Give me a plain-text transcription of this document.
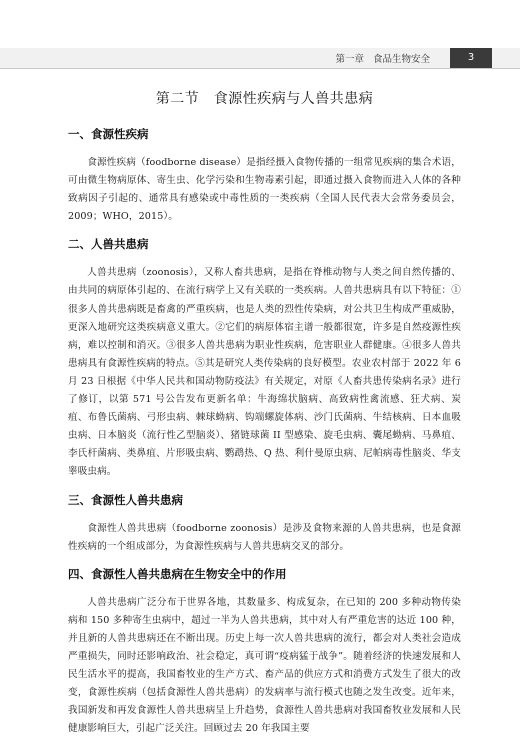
第一章 食品生物安全	3
第二节　食源性疾病与人兽共患病
一、食源性疾病

食源性疾病（foodborne disease）是指经摄入食物传播的一组常见疾病的集合术语，可由微生物病原体、寄生虫、化学污染和生物毒素引起，即通过摄入食物而进入人体的各种致病因子引起的、通常具有感染或中毒性质的一类疾病（全国人民代表大会常务委员会，2009；WHO，2015）。

二、人兽共患病

人兽共患病（zoonosis），又称人畜共患病，是指在脊椎动物与人类之间自然传播的、由共同的病原体引起的、在流行病学上又有关联的一类疾病。人兽共患病具有以下特征：①很多人兽共患病既是畜禽的严重疾病，也是人类的烈性传染病，对公共卫生构成严重威胁，更深入地研究这类疾病意义重大。②它们的病原体宿主谱一般都很宽，许多是自然疫源性疾病，难以控制和消灭。③很多人兽共患病为职业性疾病，危害职业人群健康。④很多人兽共患病具有食源性疾病的特点。⑤其是研究人类传染病的良好模型。农业农村部于 2022 年 6 月 23 日根据《中华人民共和国动物防疫法》有关规定，对原《人畜共患传染病名录》进行了修订，以第 571 号公告发布更新名单：牛海绵状脑病、高致病性禽流感、狂犬病、炭疽、布鲁氏菌病、弓形虫病、棘球蚴病、钩端螺旋体病、沙门氏菌病、牛结核病、日本血吸虫病、日本脑炎（流行性乙型脑炎）、猪链球菌 II 型感染、旋毛虫病、囊尾蚴病、马鼻疽、李氏杆菌病、类鼻疽、片形吸虫病、鹦鹉热、Q 热、利什曼原虫病、尼帕病毒性脑炎、华支睾吸虫病。

三、食源性人兽共患病

食源性人兽共患病（foodborne zoonosis）是涉及食物来源的人兽共患病，也是食源性疾病的一个组成部分，为食源性疾病与人兽共患病交叉的部分。

四、食源性人兽共患病在生物安全中的作用

人兽共患病广泛分布于世界各地，其数量多、构成复杂，在已知的 200 多种动物传染病和 150 多种寄生虫病中，超过一半为人兽共患病，其中对人有严重危害的达近 100 种，并且新的人兽共患病还在不断出现。历史上每一次人兽共患病的流行，都会对人类社会造成严重损失，同时还影响政治、社会稳定，真可谓“疫病猛于战争”。随着经济的快速发展和人民生活水平的提高，我国畜牧业的生产方式、畜产品的供应方式和消费方式发生了很大的改变，食源性疾病（包括食源性人兽共患病）的发病率与流行模式也随之发生改变。近年来，我国新发和再发食源性人兽共患病呈上升趋势，食源性人兽共患病对我国畜牧业发展和人民健康影响巨大，引起广泛关注。回顾过去 20 年我国主要
